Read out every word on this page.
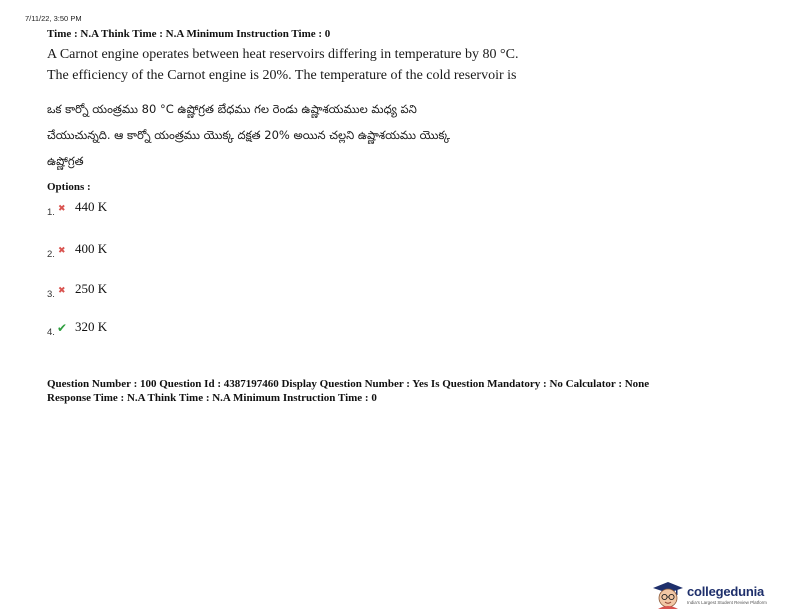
7/11/22, 3:50 PM
Time : N.A Think Time : N.A Minimum Instruction Time : 0
A Carnot engine operates between heat reservoirs differing in temperature by 80 °C.
The efficiency of the Carnot engine is 20%. The temperature of the cold reservoir is
ఒక కార్నో యంత్రము 80 °C ఉష్ణోగ్రత బేధము గల రెండు ఉష్ణాశయముల మధ్య పని
చేయుచున్నది. ఆ కార్నో యంత్రము యొక్క దక్షత 20% అయిన చల్లని ఉష్ణాశయము యొక్క
ఉష్ణోగ్రత
Options :
1. ✖ 440 K
2. ✖ 400 K
3. ✖ 250 K
4. ✔ 320 K
Question Number : 100 Question Id : 4387197460 Display Question Number : Yes Is Question Mandatory : No Calculator : None
Response Time : N.A Think Time : N.A Minimum Instruction Time : 0
collegedunia
India's Largest Student Review Platform
